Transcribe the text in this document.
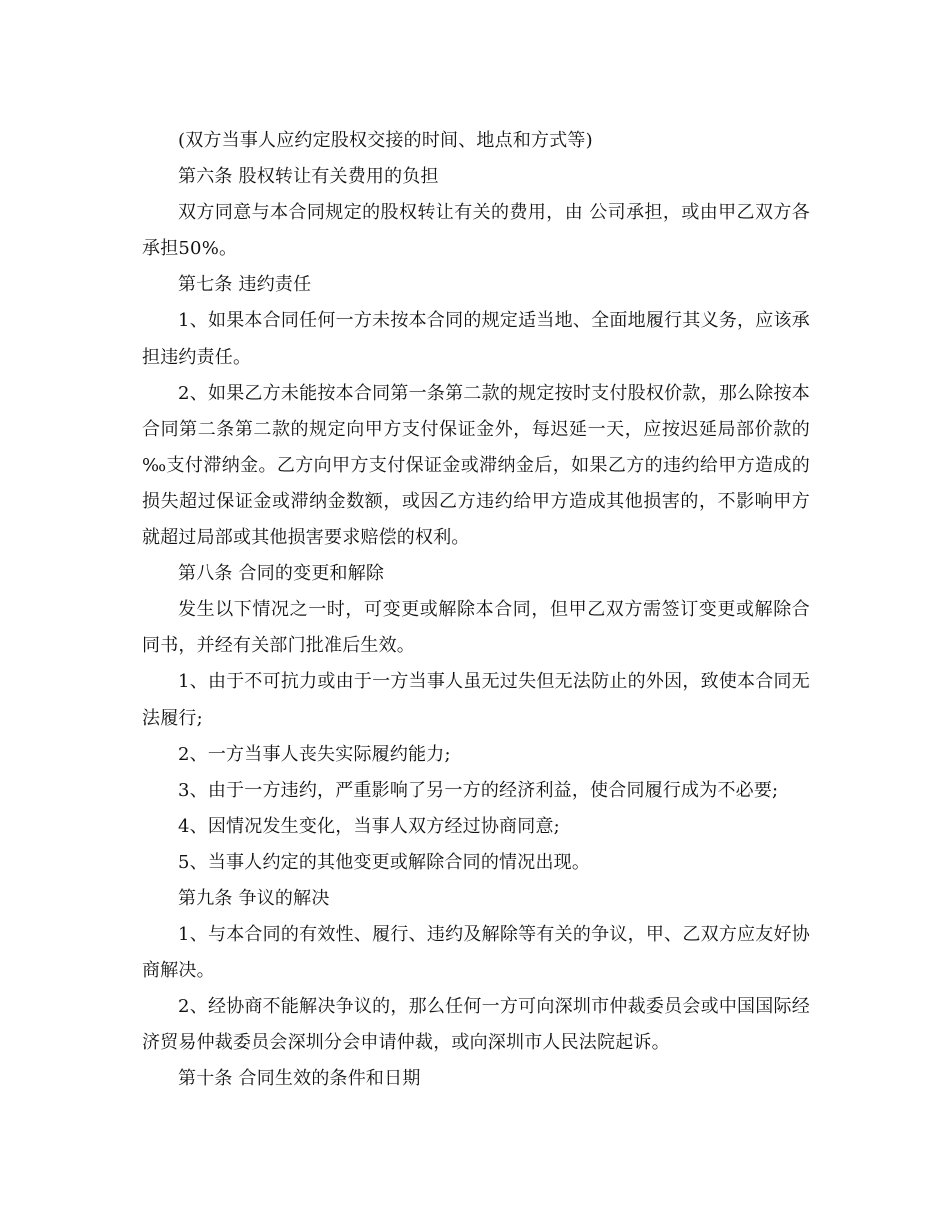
(双方当事人应约定股权交接的时间、地点和方式等)

第六条 股权转让有关费用的负担

双方同意与本合同规定的股权转让有关的费用，由 公司承担，或由甲乙双方各承担50%。

第七条 违约责任

1、如果本合同任何一方未按本合同的规定适当地、全面地履行其义务，应该承担违约责任。

2、如果乙方未能按本合同第一条第二款的规定按时支付股权价款，那么除按本合同第二条第二款的规定向甲方支付保证金外，每迟延一天，应按迟延局部价款的 ‰支付滞纳金。乙方向甲方支付保证金或滞纳金后，如果乙方的违约给甲方造成的损失超过保证金或滞纳金数额，或因乙方违约给甲方造成其他损害的，不影响甲方就超过局部或其他损害要求赔偿的权利。

第八条 合同的变更和解除

发生以下情况之一时，可变更或解除本合同，但甲乙双方需签订变更或解除合同书，并经有关部门批准后生效。

1、由于不可抗力或由于一方当事人虽无过失但无法防止的外因，致使本合同无法履行;

2、一方当事人丧失实际履约能力;

3、由于一方违约，严重影响了另一方的经济利益，使合同履行成为不必要;

4、因情况发生变化，当事人双方经过协商同意;

5、当事人约定的其他变更或解除合同的情况出现。

第九条 争议的解决

1、与本合同的有效性、履行、违约及解除等有关的争议，甲、乙双方应友好协商解决。

2、经协商不能解决争议的，那么任何一方可向深圳市仲裁委员会或中国国际经济贸易仲裁委员会深圳分会申请仲裁，或向深圳市人民法院起诉。

第十条 合同生效的条件和日期
